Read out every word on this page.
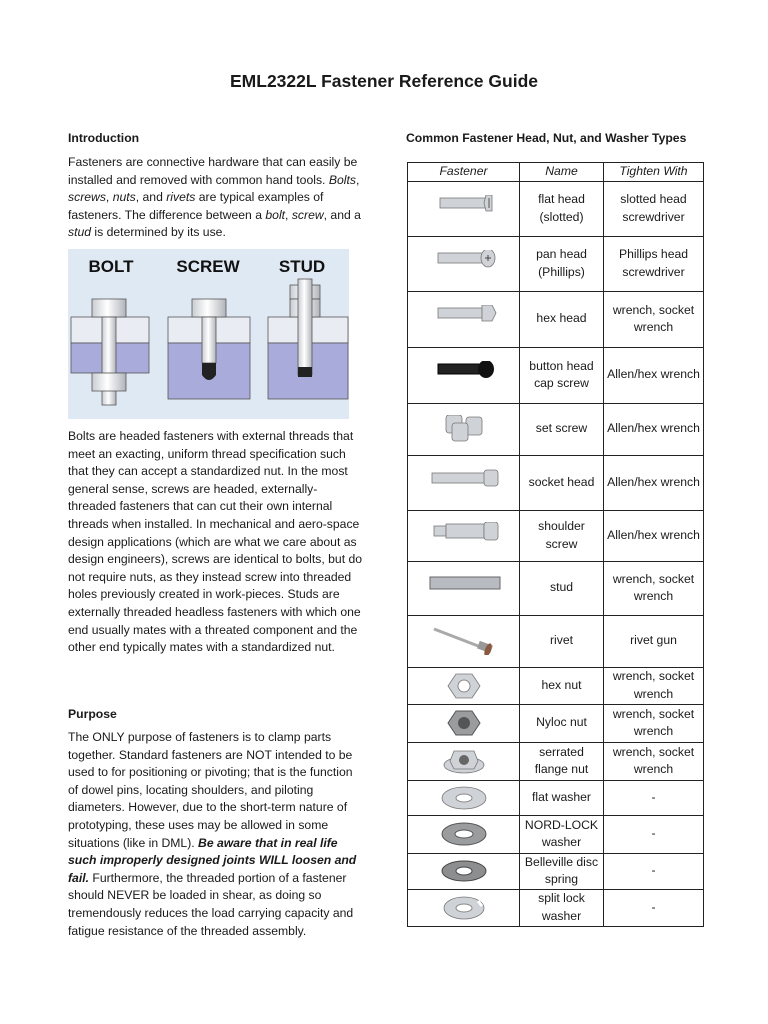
EML2322L Fastener Reference Guide
Introduction
Fasteners are connective hardware that can easily be installed and removed with common hand tools. Bolts, screws, nuts, and rivets are typical examples of fasteners. The difference between a bolt, screw, and a stud is determined by its use.
BOLT	SCREW STUD
Bolts are headed fasteners with external threads that meet an exacting, uniform thread specification such that they can accept a standardized nut. In the most general sense, screws are headed, externally-threaded fasteners that can cut their own internal threads when installed. In mechanical and aero-space design applications (which are what we care about as design engineers), screws are identical to bolts, but do not require nuts, as they instead screw into threaded holes previously created in work-pieces. Studs are externally threaded headless fasteners with which one end usually mates with a threated component and the other end typically mates with a standardized nut.
Purpose
The ONLY purpose of fasteners is to clamp parts together. Standard fasteners are NOT intended to be used to for positioning or pivoting; that is the function of dowel pins, locating shoulders, and piloting diameters. However, due to the short-term nature of prototyping, these uses may be allowed in some situations (like in DML). Be aware that in real life such improperly designed joints WILL loosen and fail. Furthermore, the threaded portion of a fastener should NEVER be loaded in shear, as doing so tremendously reduces the load carrying capacity and fatigue resistance of the threaded assembly.
Common Fastener Head, Nut, and Washer Types
Fastener	Name	Tighten With

	flat head (slotted)	slotted head screwdriver

	pan head (Phillips)	Phillips head screwdriver

	hex head	wrench, socket wrench

	button head cap screw	Allen/hex wrench

	set screw	Allen/hex wrench

	socket head	Allen/hex wrench

	shoulder screw	Allen/hex wrench

	stud	wrench, socket wrench

	rivet	rivet gun

	hex nut	wrench, socket wrench

	Nyloc nut	wrench, socket wrench

	serrated flange nut	wrench, socket wrench

	flat washer	-

	NORD-LOCK washer	-

	Belleville disc spring	-

	split lock washer	-
